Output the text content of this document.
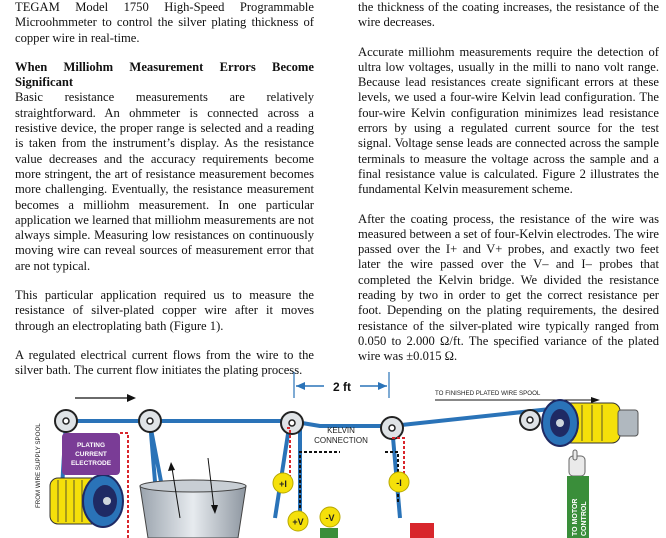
TEGAM Model 1750 High-Speed Programmable Microohmmeter to control the silver plating thickness of copper wire in real-time.

When Milliohm Measurement Errors Become Significant

Basic resistance measurements are relatively straightforward. An ohmmeter is connected across a resistive device, the proper range is selected and a reading is taken from the instrument’s display. As the resistance value decreases and the accuracy requirements become more stringent, the art of resistance measurement becomes more challenging. Eventually, the resistance measurement becomes a milliohm measurement. In one particular application we learned that milliohm measurements are not always simple. Measuring low resistances on continuously moving wire can reveal sources of measurement error that are not typical.

This particular application required us to measure the resistance of silver-plated copper wire after it moves through an electroplating bath (Figure 1).

A regulated electrical current flows from the wire to the silver bath. The current flow initiates the plating process.

the thickness of the coating increases, the resistance of the wire decreases.

Accurate milliohm measurements require the detection of ultra low voltages, usually in the milli to nano volt range. Because lead resistances create significant errors at these levels, we used a four-wire Kelvin lead configuration. The four-wire Kelvin configuration minimizes lead resistance errors by using a regulated current source for the test signal. Voltage sense leads are connected across the sample terminals to measure the voltage across the sample and a final resistance value is calculated. Figure 2 illustrates the fundamental Kelvin measurement scheme.

After the coating process, the resistance of the wire was measured between a set of four-Kelvin electrodes. The wire passed over the I+ and V+ probes, and exactly two feet later the wire passed over the V– and I– probes that completed the Kelvin bridge. We divided the resistance reading by two in order to get the correct resistance per foot. Depending on the plating requirements, the desired resistance of the silver-plated wire typically ranged from 0.050 to 2.000 Ω/ft. The specified variance of the plated wire was ±0.015 Ω.

2 ft	TO FINISHED PLATED WIRE SPOOL
FROM WIRE SUPPLY SPOOL	PLATING
CURRENT
ELECTRODE
KELVIN
CONNECTION
+I
+V -V
-I
TO MOTOR CONTROL
